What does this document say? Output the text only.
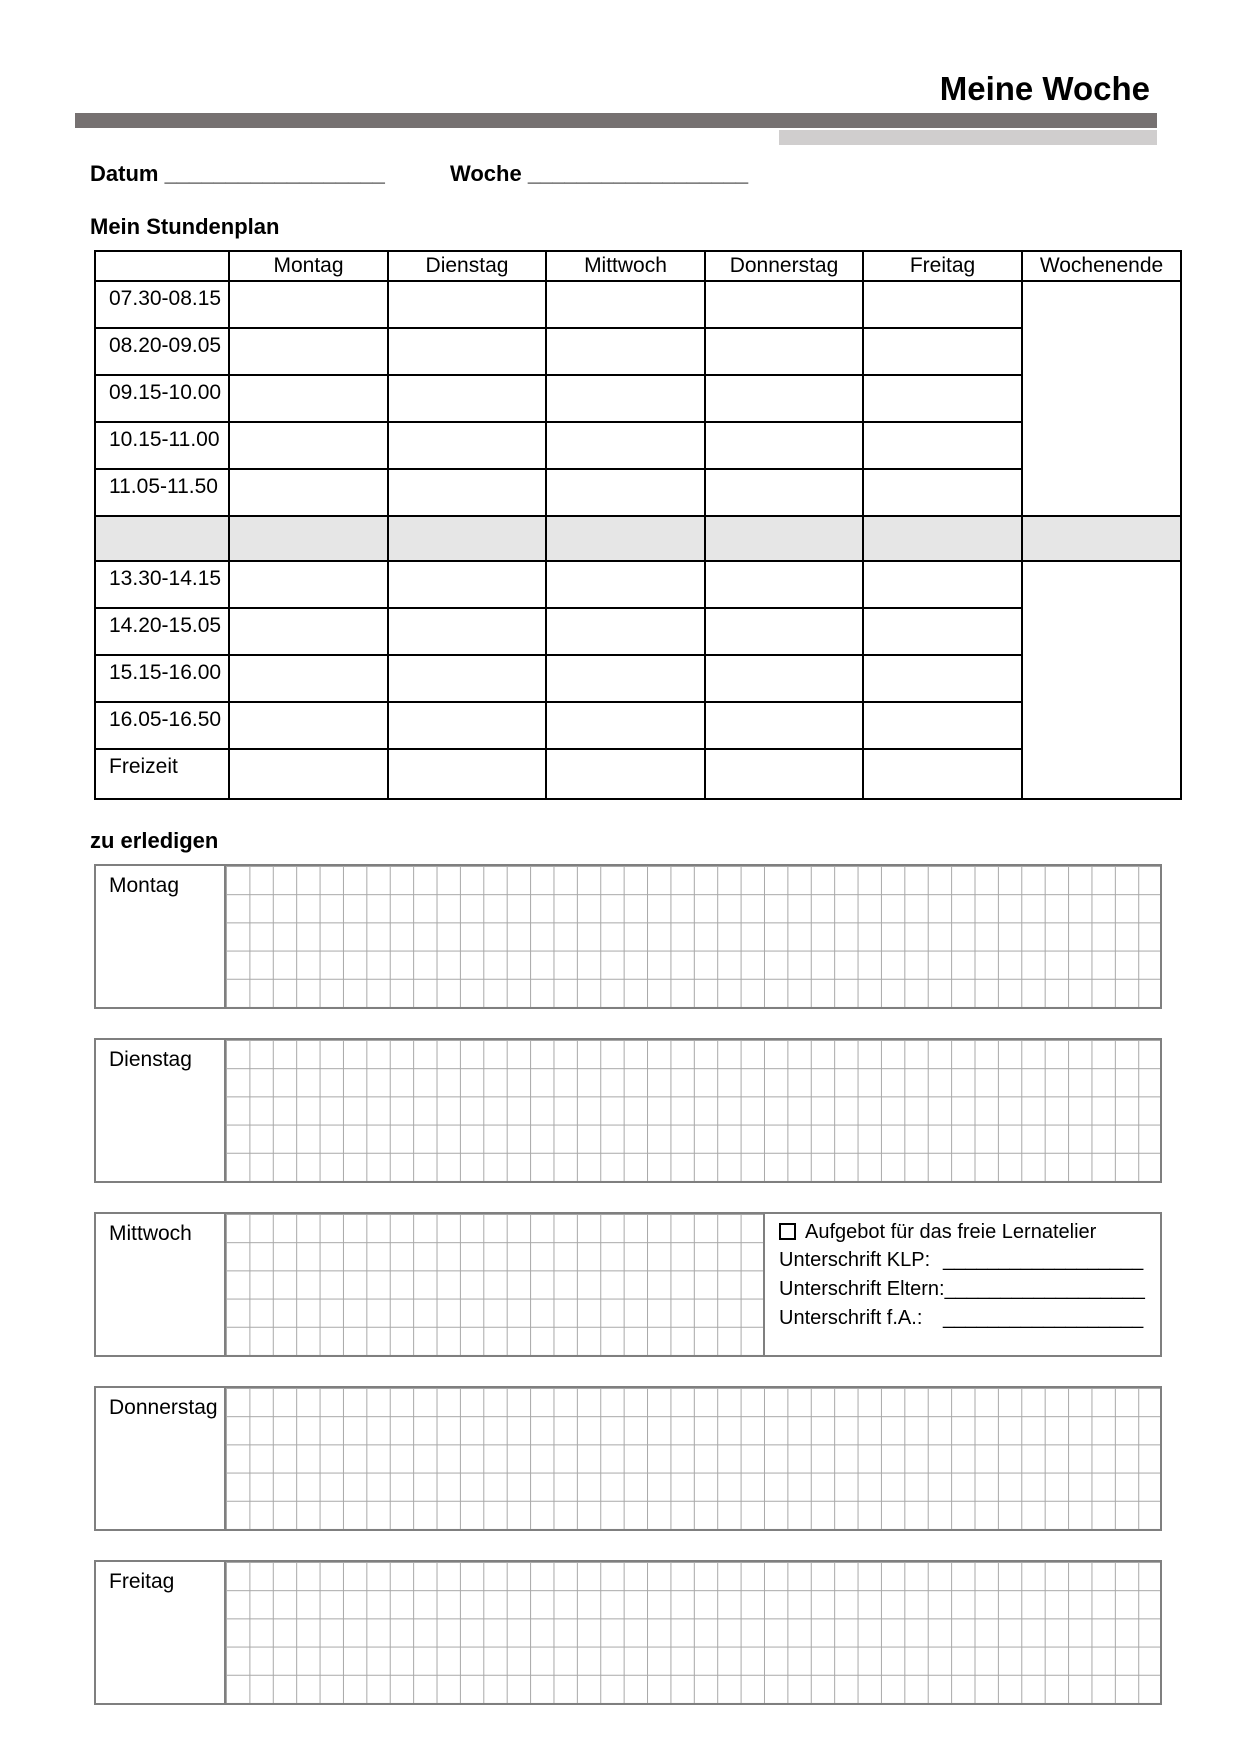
Meine Woche
Datum __________________	Woche __________________
Mein Stundenplan
	Montag	Dienstag	Mittwoch	Donnerstag	Freitag	Wochenende
07.30-08.15						
08.20-09.05						
09.15-10.00						
10.15-11.00						
11.05-11.50						

13.30-14.15						
14.20-15.05						
15.15-16.00						
16.05-16.50						
Freizeit						
zu erledigen
Montag
Dienstag
Mittwoch	Aufgebot für das freie Lernatelier
Unterschrift KLP: __________________
Unterschrift Eltern:__________________
Unterschrift f.A.: __________________
Donnerstag
Freitag
